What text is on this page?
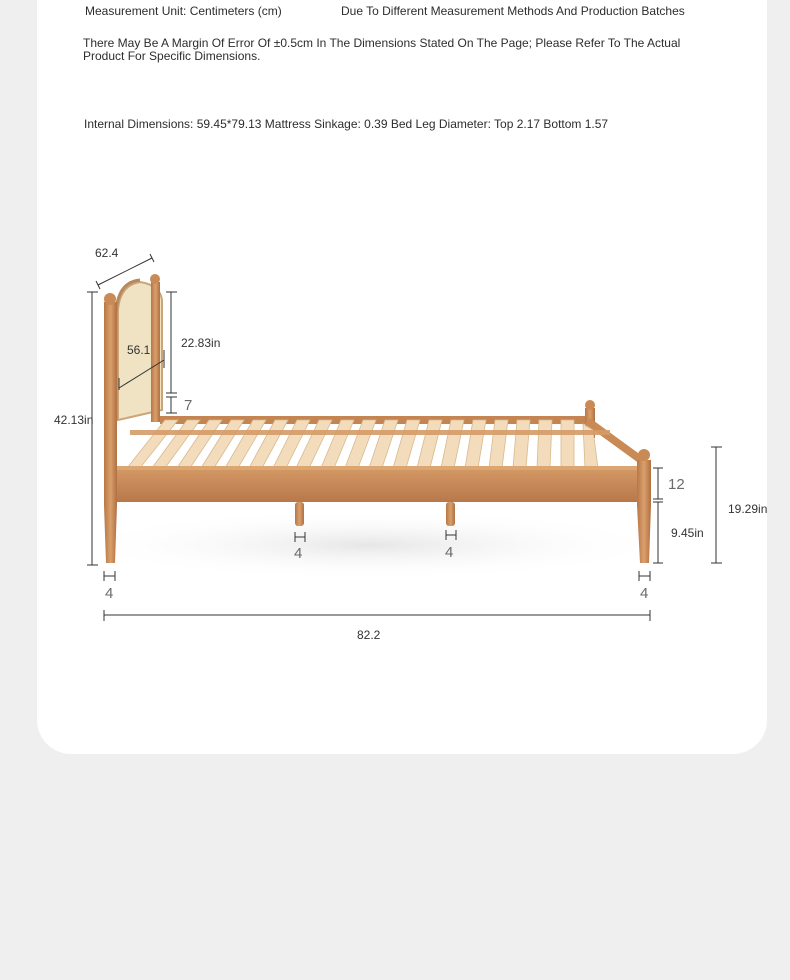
Measurement Unit: Centimeters (cm)	Due To Different Measurement Methods And Production Batches
There May Be A Margin Of Error Of ±0.5cm In The Dimensions Stated On The Page; Please Refer To The Actual Product For Specific Dimensions.
Internal Dimensions: 59.45*79.13 Mattress Sinkage: 0.39 Bed Leg Diameter: Top 2.17 Bottom 1.57
62.4
56.1	22.83in
7
42.13in
12
19.29in
9.45in
4
4	4
4
82.2
